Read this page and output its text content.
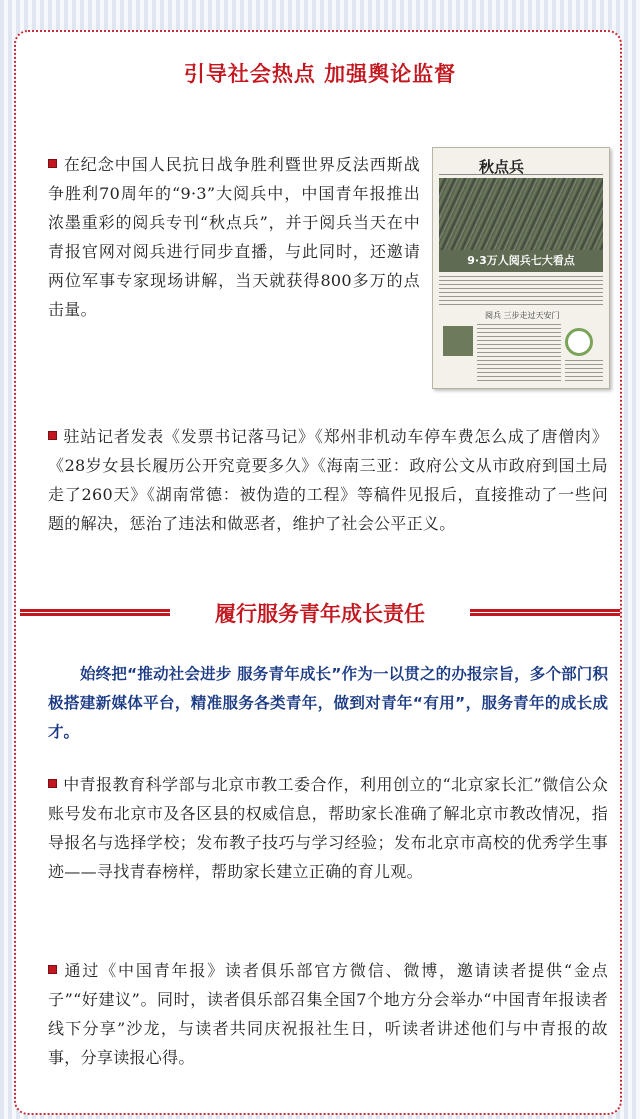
引导社会热点 加强舆论监督
在纪念中国人民抗日战争胜利暨世界反法西斯战争胜利70周年的“9·3”大阅兵中，中国青年报推出浓墨重彩的阅兵专刊“秋点兵”，并于阅兵当天在中青报官网对阅兵进行同步直播，与此同时，还邀请两位军事专家现场讲解，当天就获得800多万的点击量。
秋点兵
9·3万人阅兵七大看点
阅兵 三步走过天安门
驻站记者发表《发票书记落马记》《郑州非机动车停车费怎么成了唐僧肉》《28岁女县长履历公开究竟要多久》《海南三亚：政府公文从市政府到国土局走了260天》《湖南常德：被伪造的工程》等稿件见报后，直接推动了一些问题的解决，惩治了违法和做恶者，维护了社会公平正义。
履行服务青年成长责任
始终把“推动社会进步 服务青年成长”作为一以贯之的办报宗旨，多个部门积极搭建新媒体平台，精准服务各类青年，做到对青年“有用”，服务青年的成长成才。
中青报教育科学部与北京市教工委合作，利用创立的“北京家长汇”微信公众账号发布北京市及各区县的权威信息，帮助家长准确了解北京市教改情况，指导报名与选择学校；发布教子技巧与学习经验；发布北京市高校的优秀学生事迹——寻找青春榜样，帮助家长建立正确的育儿观。
通过《中国青年报》读者俱乐部官方微信、微博，邀请读者提供“金点子”“好建议”。同时，读者俱乐部召集全国7个地方分会举办“中国青年报读者线下分享”沙龙，与读者共同庆祝报社生日，听读者讲述他们与中青报的故事，分享读报心得。
